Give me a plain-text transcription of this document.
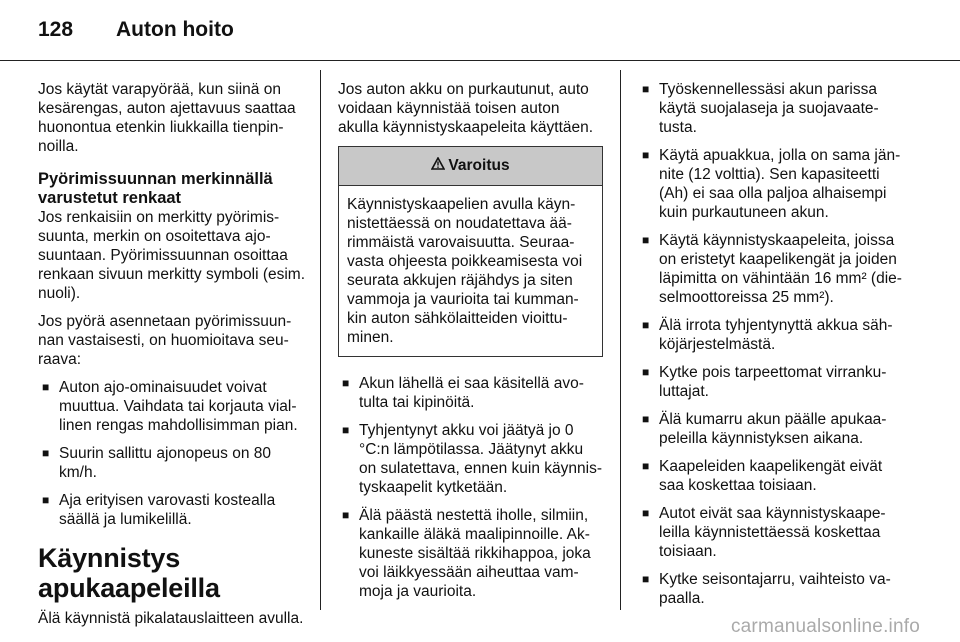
128 Auton hoito

Jos käytät varapyörää, kun siinä on kesärengas, auton ajettavuus saattaa huonontua etenkin liukkailla tienpin-noilla.

Pyörimissuunnan merkinnällä varustetut renkaat

Jos renkaisiin on merkitty pyörimis-suunta, merkin on osoitettava ajo-suuntaan. Pyörimissuunnan osoittaa renkaan sivuun merkitty symboli (esim. nuoli).

Jos pyörä asennetaan pyörimissuun-nan vastaisesti, on huomioitava seu-raava:

■ Auton ajo-ominaisuudet voivat muuttua. Vaihdata tai korjauta vial-linen rengas mahdollisimman pian.
■ Suurin sallittu ajonopeus on 80 km/h.
■ Aja erityisen varovasti kostealla säällä ja lumikelillä.
Käynnistys apukaapeleilla

Älä käynnistä pikalatauslaitteen avulla.

Jos auton akku on purkautunut, auto voidaan käynnistää toisen auton akulla käynnistyskaapeleita käyttäen.

Varoitus
Käynnistyskaapelien avulla käyn-nistettäessä on noudatettava ää-rimmäistä varovaisuutta. Seuraa-vasta ohjeesta poikkeamisesta voi seurata akkujen räjähdys ja siten vammoja ja vaurioita tai kumman-kin auton sähkölaitteiden vioittu-minen.
■ Akun lähellä ei saa käsitellä avo-tulta tai kipinöitä.
■ Tyhjentynyt akku voi jäätyä jo 0 °C:n lämpötilassa. Jäätynyt akku on sulatettava, ennen kuin käynnis-tyskaapelit kytketään.
■ Älä päästä nestettä iholle, silmiin, kankaille äläkä maalipinnoille. Ak-kuneste sisältää rikkihappoa, joka voi läikkyessään aiheuttaa vam-moja ja vaurioita.
■ Työskennellessäsi akun parissa käytä suojalaseja ja suojavaate-tusta.
■ Käytä apuakkua, jolla on sama jän-nite (12 volttia). Sen kapasiteetti (Ah) ei saa olla paljoa alhaisempi kuin purkautuneen akun.
■ Käytä käynnistyskaapeleita, joissa on eristetyt kaapelikengät ja joiden läpimitta on vähintään 16 mm² (die-selmoottoreissa 25 mm²).
■ Älä irrota tyhjentynyttä akkua säh-köjärjestelmästä.
■ Kytke pois tarpeettomat virranku-luttajat.
■ Älä kumarru akun päälle apukaa-peleilla käynnistyksen aikana.
■ Kaapeleiden kaapelikengät eivät saa koskettaa toisiaan.
■ Autot eivät saa käynnistyskaape-leilla käynnistettäessä koskettaa toisiaan.
■ Kytke seisontajarru, vaihteisto va-paalla.
carmanualsonline.info
